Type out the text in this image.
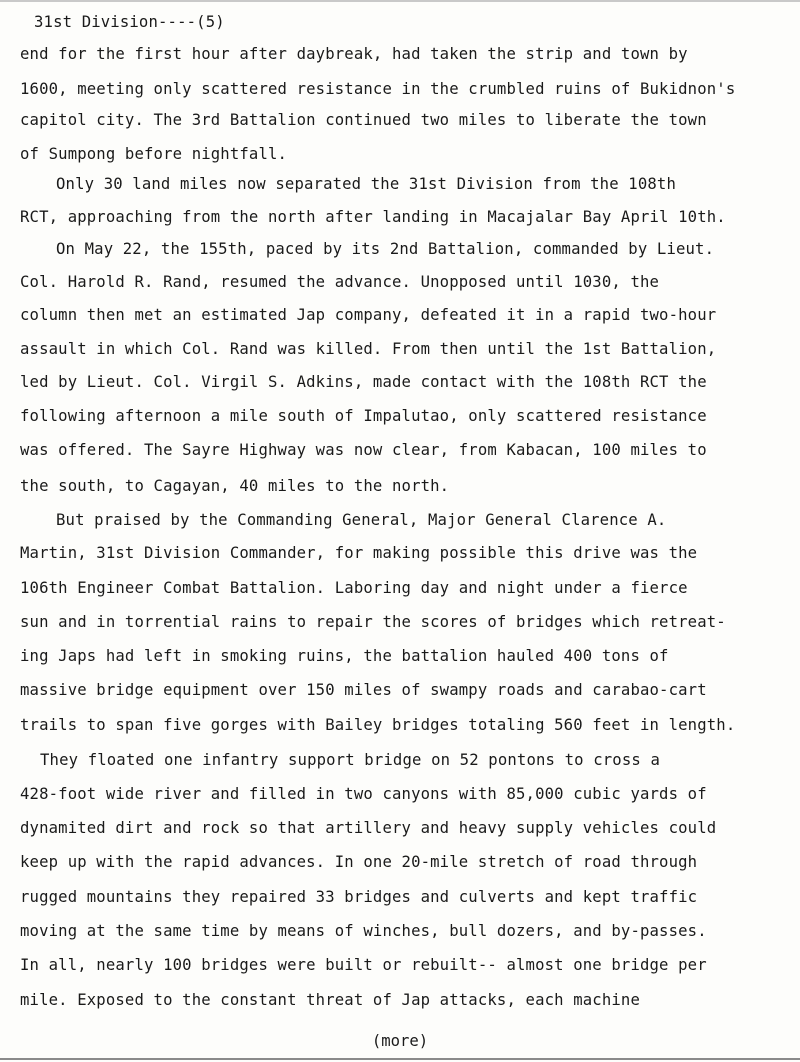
31st Division----(5)

end for the first hour after daybreak, had taken the strip and town by

1600, meeting only scattered resistance in the crumbled ruins of Bukidnon's

capitol city. The 3rd Battalion continued two miles to liberate the town

of Sumpong before nightfall.

Only 30 land miles now separated the 31st Division from the 108th

RCT, approaching from the north after landing in Macajalar Bay April 10th.

On May 22, the 155th, paced by its 2nd Battalion, commanded by Lieut.

Col. Harold R. Rand, resumed the advance. Unopposed until 1030, the

column then met an estimated Jap company, defeated it in a rapid two-hour

assault in which Col. Rand was killed. From then until the 1st Battalion,

led by Lieut. Col. Virgil S. Adkins, made contact with the 108th RCT the

following afternoon a mile south of Impalutao, only scattered resistance

was offered. The Sayre Highway was now clear, from Kabacan, 100 miles to

the south, to Cagayan, 40 miles to the north.

But praised by the Commanding General, Major General Clarence A.

Martin, 31st Division Commander, for making possible this drive was the

106th Engineer Combat Battalion. Laboring day and night under a fierce

sun and in torrential rains to repair the scores of bridges which retreat-

ing Japs had left in smoking ruins, the battalion hauled 400 tons of

massive bridge equipment over 150 miles of swampy roads and carabao-cart

trails to span five gorges with Bailey bridges totaling 560 feet in length.

They floated one infantry support bridge on 52 pontons to cross a

428-foot wide river and filled in two canyons with 85,000 cubic yards of

dynamited dirt and rock so that artillery and heavy supply vehicles could

keep up with the rapid advances. In one 20-mile stretch of road through

rugged mountains they repaired 33 bridges and culverts and kept traffic

moving at the same time by means of winches, bull dozers, and by-passes.

In all, nearly 100 bridges were built or rebuilt-- almost one bridge per

mile. Exposed to the constant threat of Jap attacks, each machine

(more)
